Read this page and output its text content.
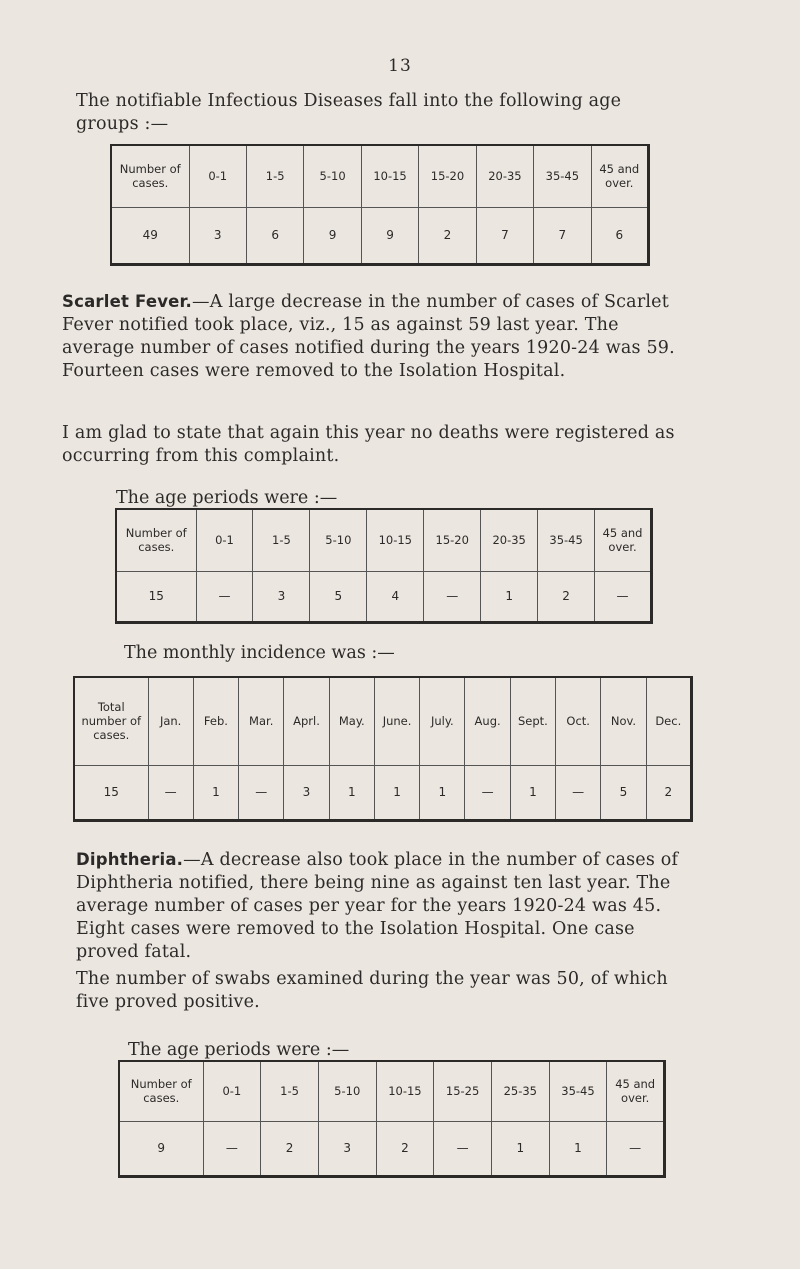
13
The notifiable Infectious Diseases fall into the following age groups :—
Number of cases.	0-1	1-5	5-10	10-15	15-20	20-35	35-45	45 and over.
49	3	6	9	9	2	7	7	6
Scarlet Fever.—A large decrease in the number of cases of Scarlet Fever notified took place, viz., 15 as against 59 last year. The average number of cases notified during the years 1920-24 was 59. Fourteen cases were removed to the Isolation Hospital.
I am glad to state that again this year no deaths were registered as occurring from this complaint.
The age periods were :—
Number of cases.	0-1	1-5	5-10	10-15	15-20	20-35	35-45	45 and over.
15	—	3	5	4	—	1	2	—
The monthly incidence was :—
Total number of cases.	Jan.	Feb.	Mar.	Aprl.	May.	June.	July.	Aug.	Sept.	Oct.	Nov.	Dec.
15	—	1	—	3	1	1	1	—	1	—	5	2
Diphtheria.—A decrease also took place in the number of cases of Diphtheria notified, there being nine as against ten last year. The average number of cases per year for the years 1920-24 was 45. Eight cases were removed to the Isolation Hospital. One case proved fatal.
The number of swabs examined during the year was 50, of which five proved positive.
The age periods were :—
Number of cases.	0-1	1-5	5-10	10-15	15-25	25-35	35-45	45 and over.
9	—	2	3	2	—	1	1	—
